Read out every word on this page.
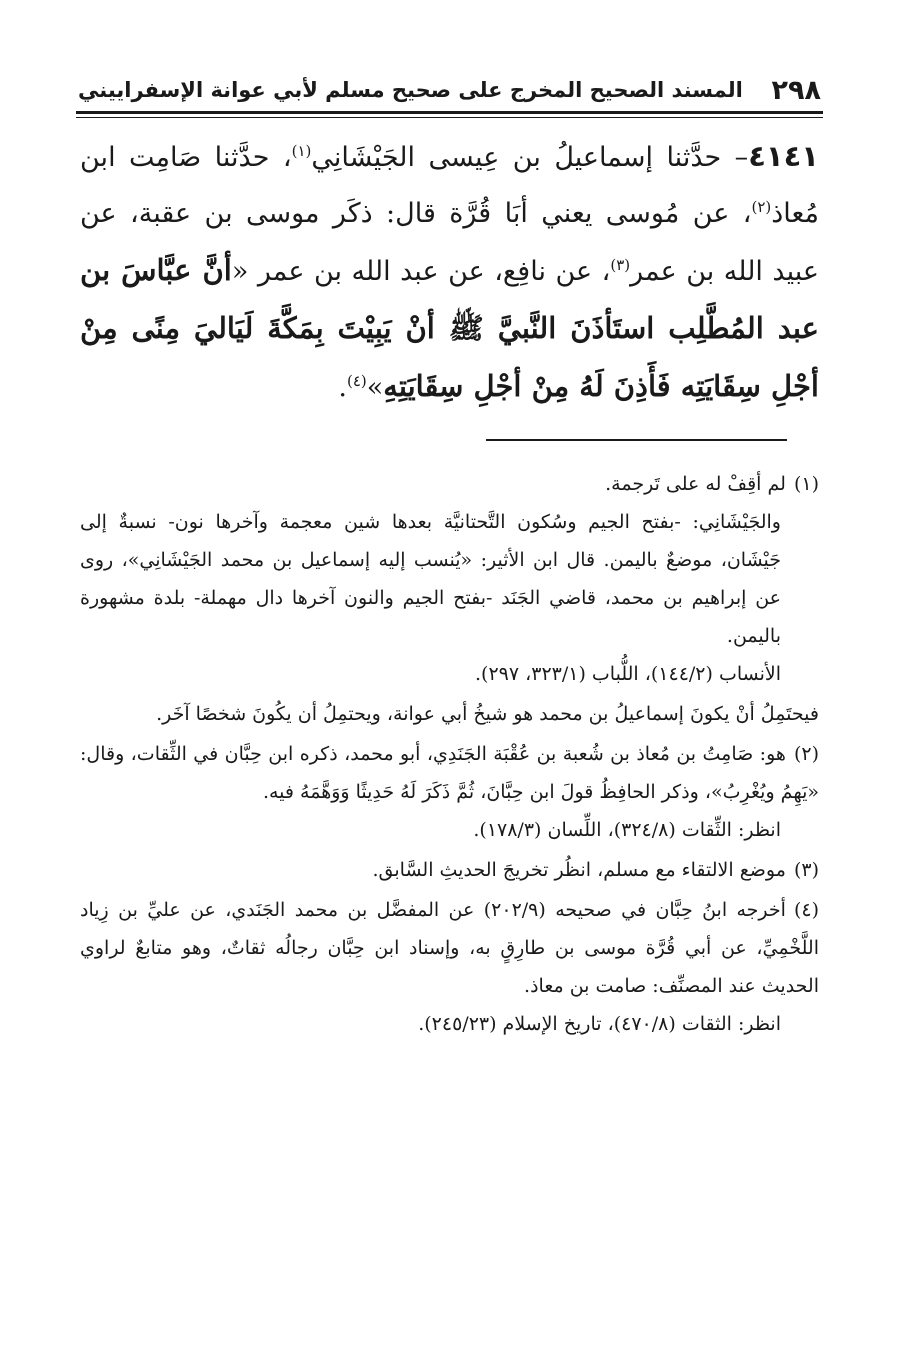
٢٩٨
المسند الصحيح المخرج على صحيح مسلم لأبي عوانة الإسفراييني
٤١٤١– حدَّثنا إسماعيلُ بن عِيسى الجَيْشَانِي$^{(١)}$، حدَّثنا صَامِت ابن مُعاذ$^{(٢)}$، عن مُوسى يعني أبَا قُرَّة قال: ذكَر موسى بن عقبة، عن عبيد الله بن عمر$^{(٣)}$، عن نافِع، عن عبد الله بن عمر «أنَّ عبَّاسَ بن عبد المُطَّلِب استَأذَنَ النَّبيَّ ﷺ أنْ يَبِيْتَ بِمَكَّةَ لَيَاليَ مِنًى مِنْ أجْلِ سِقَايَتِه فَأَذِنَ لَهُ مِنْ أجْلِ سِقَايَتِهِ»$^{(٤)}$.

(١)لم أقِفْ له على تَرجمة.

والجَيْشَانِي: -بفتح الجيم وسُكون التَّحتانيَّة بعدها شين معجمة وآخرها نون- نسبةٌ إلى جَيْشَان، موضعٌ باليمن. قال ابن الأثير: «يُنسب إليه إسماعيل بن محمد الجَيْشَانِي»، روى عن إبراهيم بن محمد، قاضي الجَنَد -بفتح الجيم والنون آخرها دال مهملة- بلدة مشهورة باليمن.

الأنساب (١٤٤/٢)، اللُّباب (٣٢٣/١، ٢٩٧).

فيحتَمِلُ أنْ يكونَ إسماعيلُ بن محمد هو شيخُ أبي عوانة، ويحتمِلُ أن يكُونَ شخصًا آخَر.

(٢)هو: صَامِتُ بن مُعاذ بن شُعبة بن عُقْبَة الجَنَدِي، أبو محمد، ذكره ابن حِبَّان في الثِّقات، وقال: «يَهِمُ ويُغْرِبُ»، وذكر الحافِظُ قولَ ابن حِبَّانَ، ثُمَّ ذَكَرَ لَهُ حَدِيثًا وَوَهَّمَهُ فيه.

انظر: الثِّقات (٣٢٤/٨)، اللِّسان (١٧٨/٣).

(٣)موضع الالتقاء مع مسلم، انظُر تخريجَ الحديثِ السَّابق.

(٤)أخرجه ابنُ حِبَّان في صحيحه (٢٠٢/٩) عن المفضَّل بن محمد الجَنَدي، عن عليِّ بن زِياد اللَّخْمِيِّ، عن أبي قُرَّة موسى بن طارِقٍ به، وإسناد ابن حِبَّان رجالُه ثقاتٌ، وهو متابعٌ لراوي الحديث عند المصنِّف: صامت بن معاذ.

انظر: الثقات (٤٧٠/٨)، تاريخ الإسلام (٢٤٥/٢٣).
